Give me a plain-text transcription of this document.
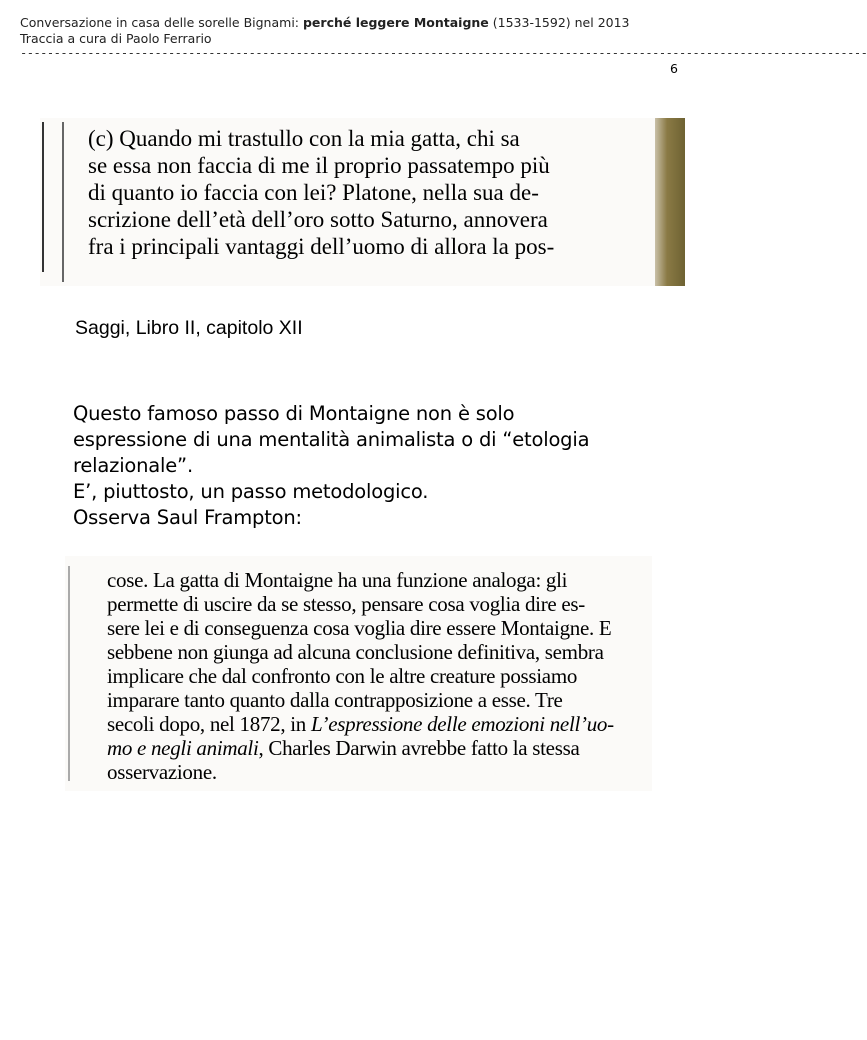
Conversazione in casa delle sorelle Bignami: perché leggere Montaigne (1533-1592) nel 2013
Traccia a cura di Paolo Ferrario
------------------------------------------------------------------------------------------------------------------------------
6
(c) Quando mi trastullo con la mia gatta, chi sa
se essa non faccia di me il proprio passatempo più
di quanto io faccia con lei? Platone, nella sua de-
scrizione dell’età dell’oro sotto Saturno, annovera
fra i principali vantaggi dell’uomo di allora la pos-
Saggi, Libro II, capitolo XII
Questo famoso passo di Montaigne non è solo
espressione di una mentalità animalista o di “etologia
relazionale”.
E’, piuttosto, un passo metodologico.
Osserva Saul Frampton:
cose. La gatta di Montaigne ha una funzione analoga: gli
permette di uscire da se stesso, pensare cosa voglia dire es-
sere lei e di conseguenza cosa voglia dire essere Montaigne. E
sebbene non giunga ad alcuna conclusione definitiva, sembra
implicare che dal confronto con le altre creature possiamo
imparare tanto quanto dalla contrapposizione a esse. Tre
secoli dopo, nel 1872, in L’espressione delle emozioni nell’uo-
mo e negli animali, Charles Darwin avrebbe fatto la stessa
osservazione.
